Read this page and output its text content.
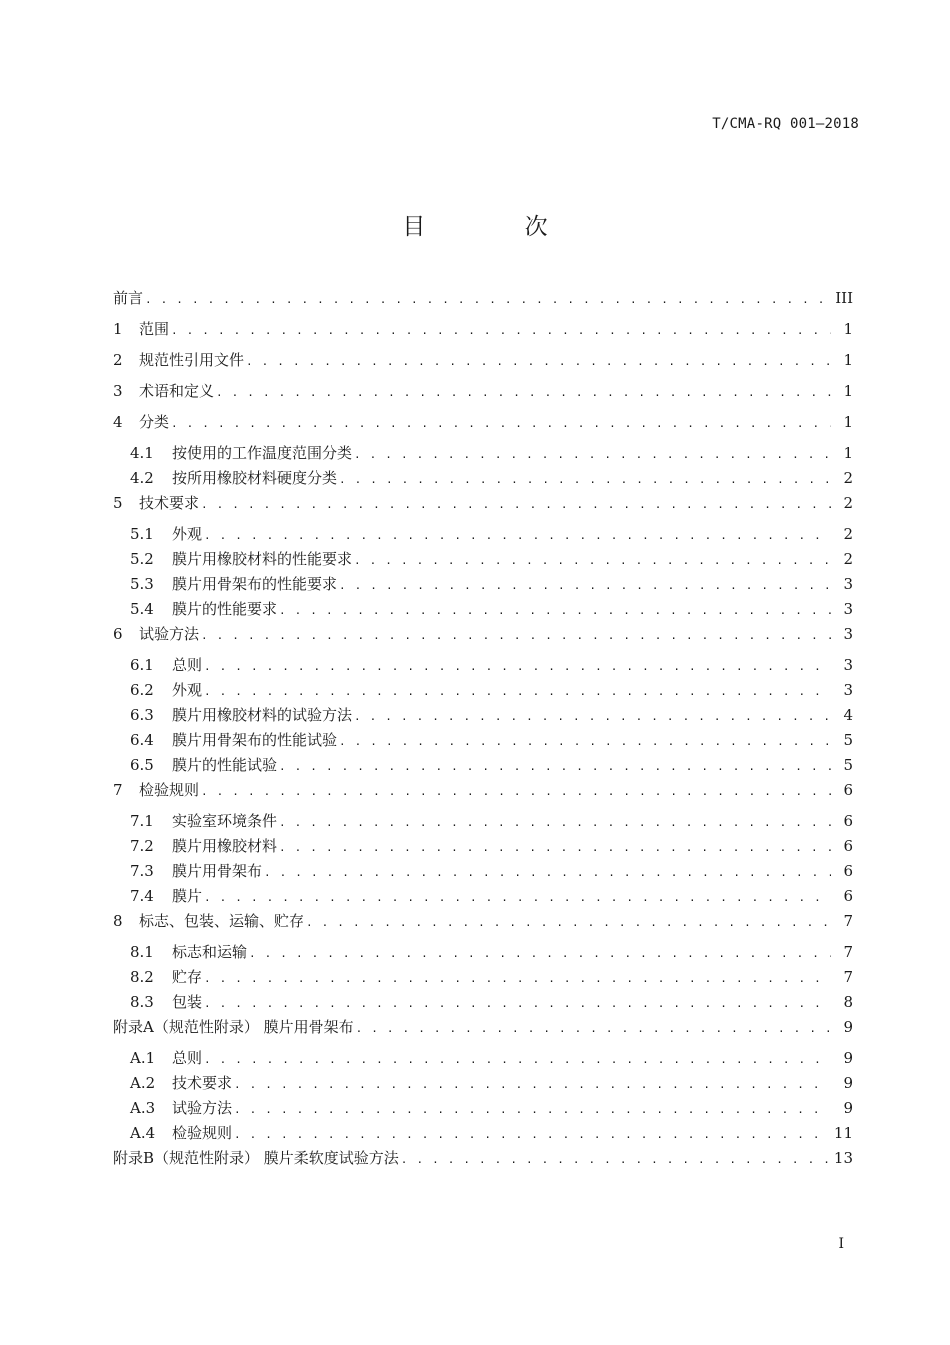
T/CMA-RQ 001—2018
目 次
前言 . . .	III
1	范围 . . .	1
2	规范性引用文件 . . .	1
3	术语和定义 . . .	1
4	分类 . . .	1
4.1	按使用的工作温度范围分类 . . .	1
4.2	按所用橡胶材料硬度分类 . . .	2
5	技术要求 . . .	2
5.1	外观 . . .	2
5.2	膜片用橡胶材料的性能要求 . . .	2
5.3	膜片用骨架布的性能要求 . . .	3
5.4	膜片的性能要求 . . .	3
6	试验方法 . . .	3
6.1	总则 . . .	3
6.2	外观 . . .	3
6.3	膜片用橡胶材料的试验方法 . . .	4
6.4	膜片用骨架布的性能试验 . . .	5
6.5	膜片的性能试验 . . .	5
7	检验规则 . . .	6
7.1	实验室环境条件 . . .	6
7.2	膜片用橡胶材料 . . .	6
7.3	膜片用骨架布 . . .	6
7.4	膜片 . . .	6
8	标志、包装、运输、贮存 . . .	7
8.1	标志和运输 . . .	7
8.2	贮存 . . .	7
8.3	包装 . . .	8
附录A（规范性附录） 膜片用骨架布 . . .	9
A.1	总则 . . .	9
A.2	技术要求 . . .	9
A.3	试验方法 . . .	9
A.4	检验规则 . . .	11
附录B（规范性附录） 膜片柔软度试验方法 . . .	13
I
